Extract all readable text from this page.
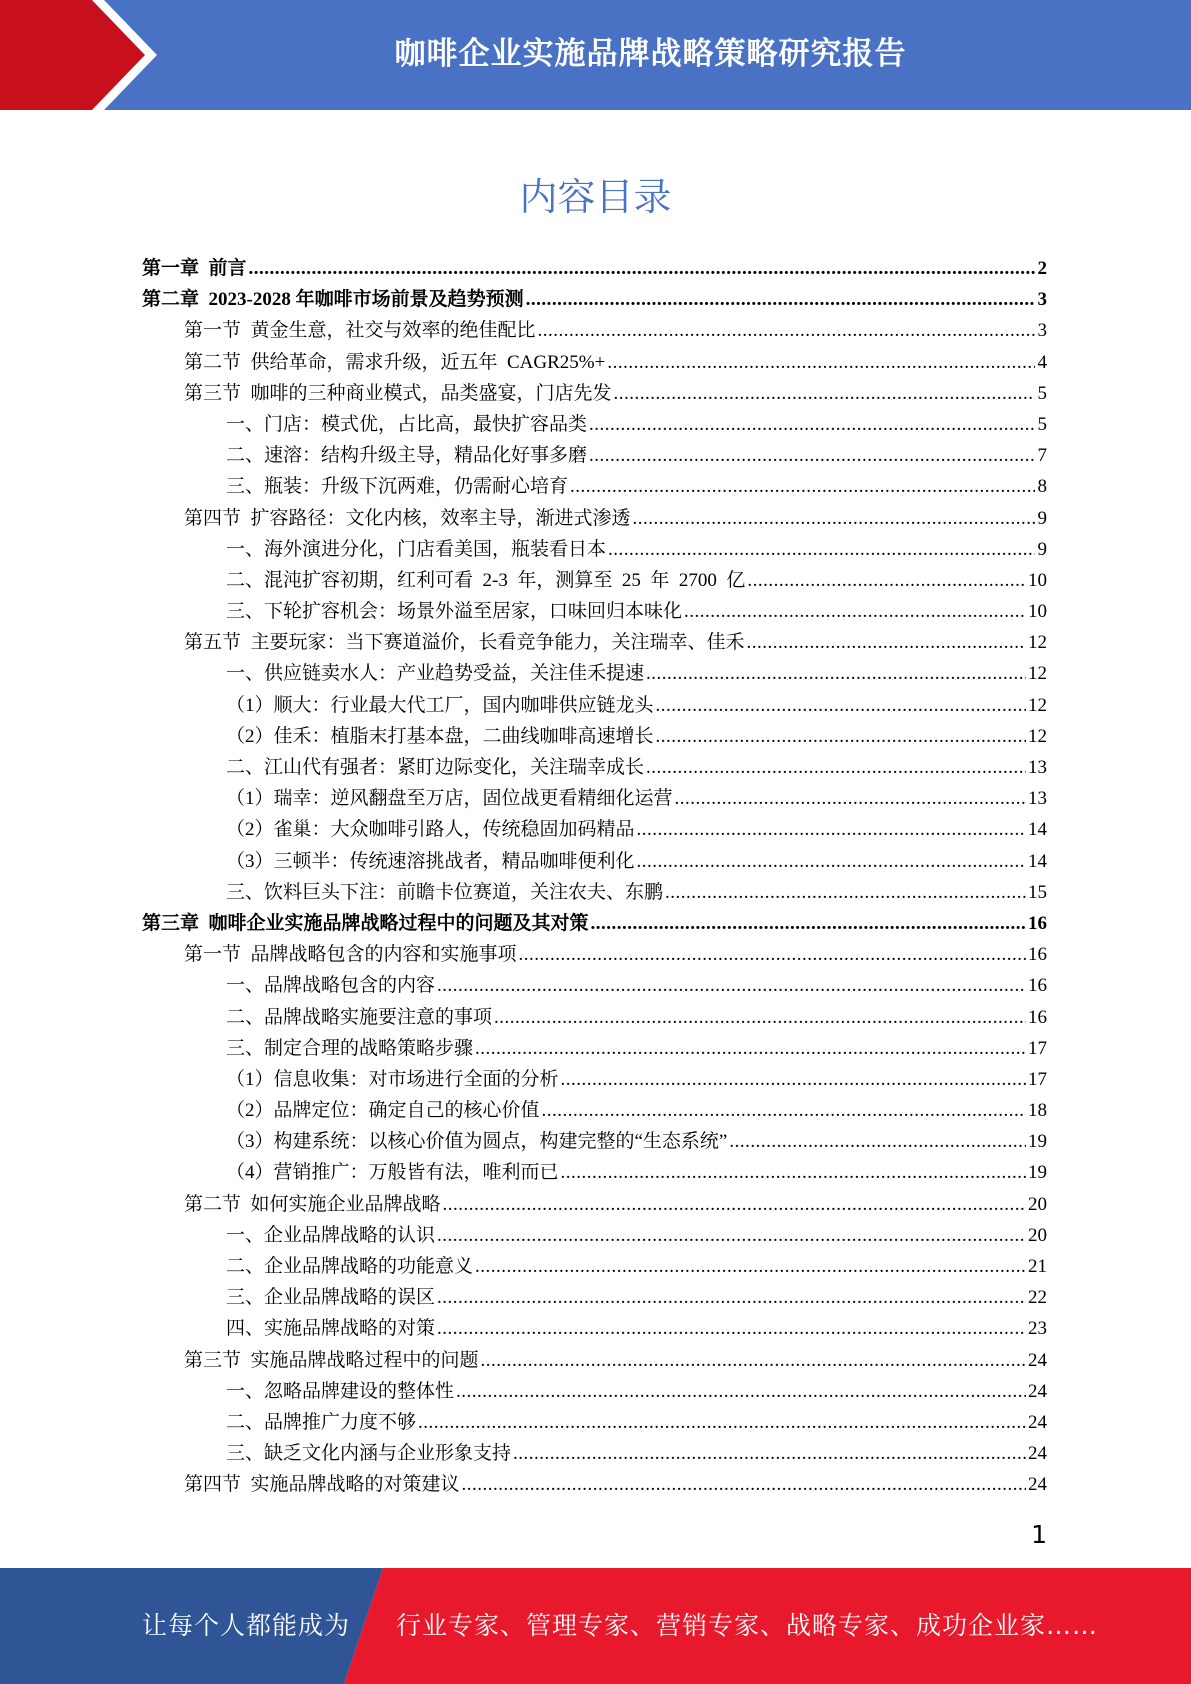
咖啡企业实施品牌战略策略研究报告
内容目录
第一章  前言 .....	2
第二章  2023-2028 年咖啡市场前景及趋势预测 .....	3
第一节  黄金生意，社交与效率的绝佳配比 .....	3
第二节  供给革命，需求升级，近五年  CAGR25%+ .....	4
第三节  咖啡的三种商业模式，品类盛宴，门店先发 .....	5
一、门店：模式优，占比高，最快扩容品类 .....	5
二、速溶：结构升级主导，精品化好事多磨 .....	7
三、瓶装：升级下沉两难，仍需耐心培育 .....	8
第四节  扩容路径：文化内核，效率主导，渐进式渗透 .....	9
一、海外演进分化，门店看美国，瓶装看日本 .....	9
二、混沌扩容初期，红利可看  2-3  年，测算至  25  年  2700  亿 .....	10
三、下轮扩容机会：场景外溢至居家，口味回归本味化 .....	10
第五节  主要玩家：当下赛道溢价，长看竞争能力，关注瑞幸、佳禾 .....	12
一、供应链卖水人：产业趋势受益，关注佳禾提速 .....	12
（1）顺大：行业最大代工厂，国内咖啡供应链龙头 .....	12
（2）佳禾：植脂末打基本盘，二曲线咖啡高速增长 .....	12
二、江山代有强者：紧盯边际变化，关注瑞幸成长 .....	13
（1）瑞幸：逆风翻盘至万店，固位战更看精细化运营 .....	13
（2）雀巢：大众咖啡引路人，传统稳固加码精品 .....	14
（3）三顿半：传统速溶挑战者，精品咖啡便利化 .....	14
三、饮料巨头下注：前瞻卡位赛道，关注农夫、东鹏 .....	15
第三章  咖啡企业实施品牌战略过程中的问题及其对策 .....	16
第一节  品牌战略包含的内容和实施事项 .....	16
一、品牌战略包含的内容 .....	16
二、品牌战略实施要注意的事项 .....	16
三、制定合理的战略策略步骤 .....	17
（1）信息收集：对市场进行全面的分析 .....	17
（2）品牌定位：确定自己的核心价值 .....	18
（3）构建系统：以核心价值为圆点，构建完整的“生态系统” .....	19
（4）营销推广：万般皆有法，唯利而已 .....	19
第二节  如何实施企业品牌战略 .....	20
一、企业品牌战略的认识 .....	20
二、企业品牌战略的功能意义 .....	21
三、企业品牌战略的误区 .....	22
四、实施品牌战略的对策 .....	23
第三节  实施品牌战略过程中的问题 .....	24
一、忽略品牌建设的整体性 .....	24
二、品牌推广力度不够 .....	24
三、缺乏文化内涵与企业形象支持 .....	24
第四节  实施品牌战略的对策建议 .....	24
1
让每个人都能成为 行业专家、管理专家、营销专家、战略专家、成功企业家……
